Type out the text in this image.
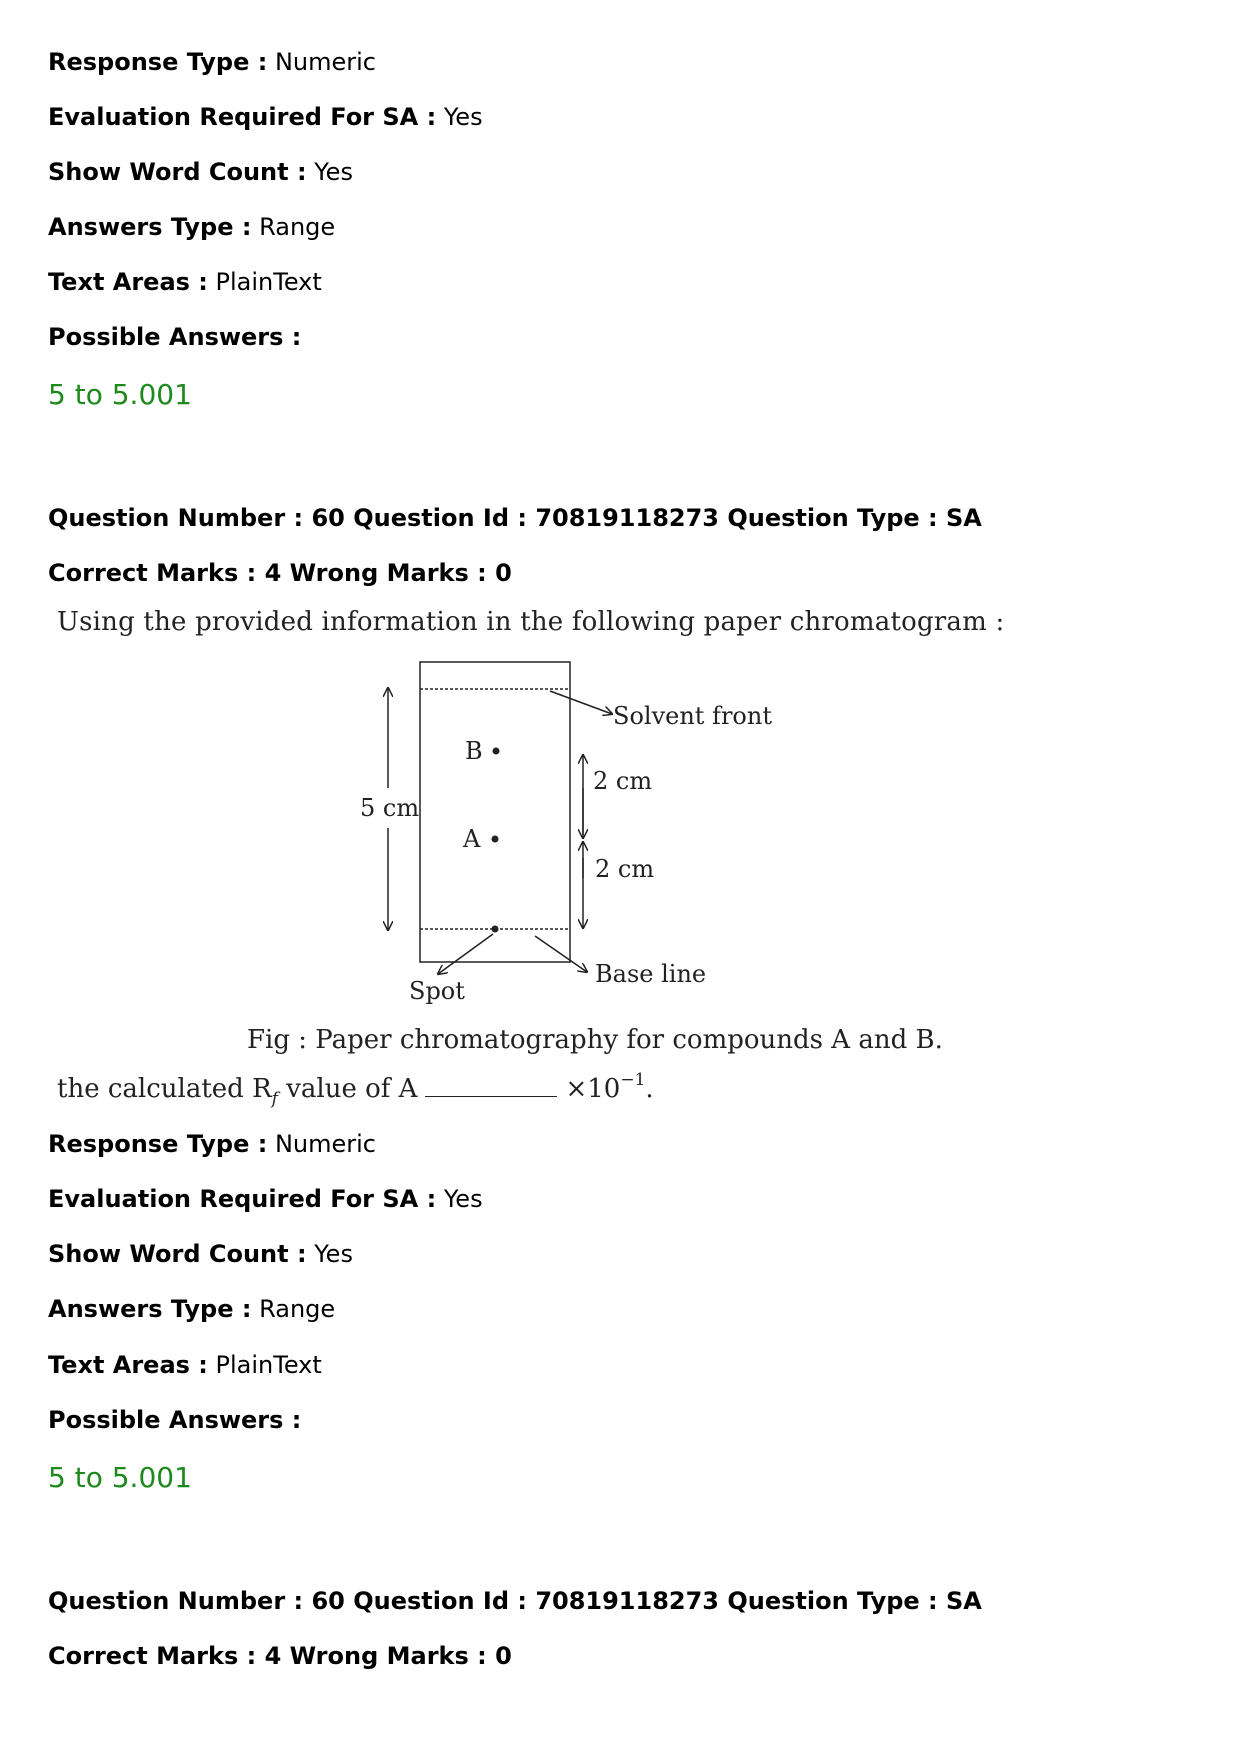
Response Type : Numeric
Evaluation Required For SA : Yes
Show Word Count : Yes
Answers Type : Range
Text Areas : PlainText
Possible Answers :
5 to 5.001
Question Number : 60 Question Id : 70819118273 Question Type : SA
Correct Marks : 4 Wrong Marks : 0
Using the provided information in the following paper chromatogram :
B
A
5 cm
2 cm
2 cm
Solvent front
Base line
Spot
Fig : Paper chromatography for compounds A and B.
the calculated $R_f$ value of A	$\times 10^{-1}$.
Response Type : Numeric
Evaluation Required For SA : Yes
Show Word Count : Yes
Answers Type : Range
Text Areas : PlainText
Possible Answers :
5 to 5.001
Question Number : 60 Question Id : 70819118273 Question Type : SA
Correct Marks : 4 Wrong Marks : 0
